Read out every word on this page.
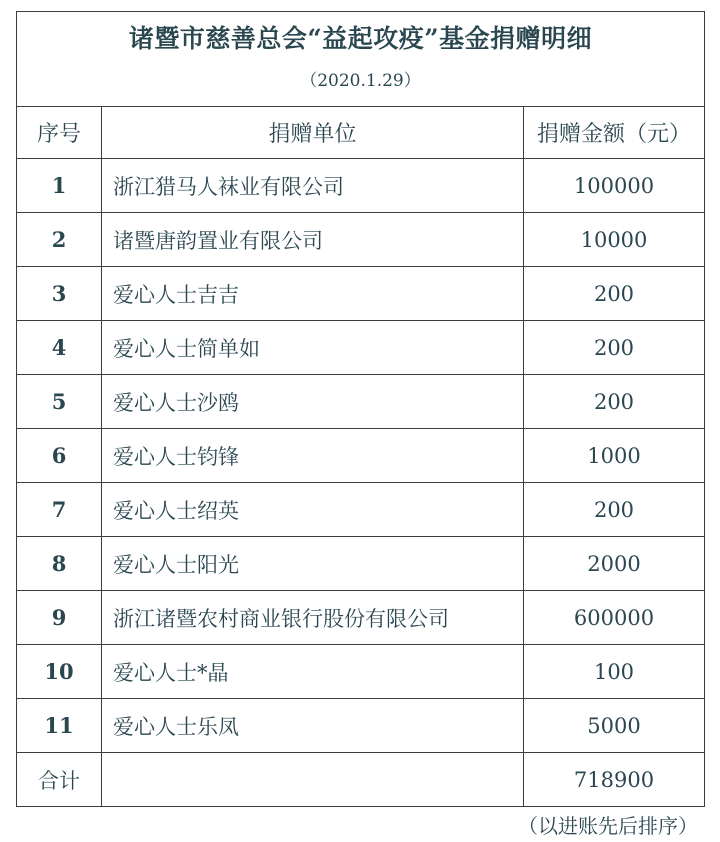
诸暨市慈善总会“益起攻疫”基金捐赠明细		
（2020.1.29）		
序号	捐赠单位	捐赠金额（元）
1	浙江猎马人袜业有限公司	100000
2	诸暨唐韵置业有限公司	10000
3	爱心人士吉吉	200
4	爱心人士简单如	200
5	爱心人士沙鸥	200
6	爱心人士钧锋	1000
7	爱心人士绍英	200
8	爱心人士阳光	2000
9	浙江诸暨农村商业银行股份有限公司	600000
10	爱心人士*晶	100
11	爱心人士乐凤	5000
合计		718900
（以进账先后排序）
